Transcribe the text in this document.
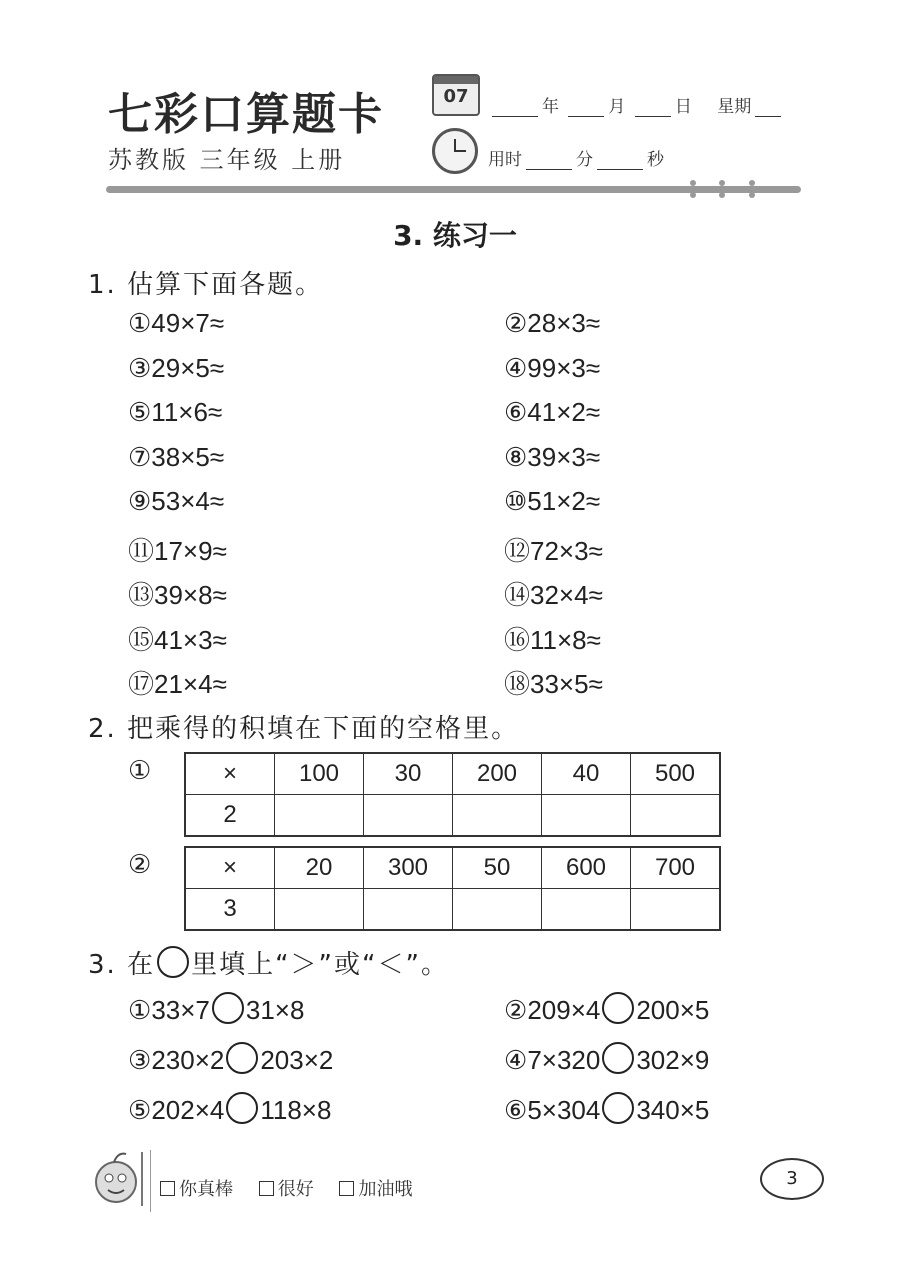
七彩口算题卡
苏教版 三年级 上册
07	年	月	日 星期
用时	分	秒
3. 练习一
1. 估算下面各题。
①49×7≈	②28×3≈
③29×5≈	④99×3≈
⑤11×6≈	⑥41×2≈
⑦38×5≈	⑧39×3≈
⑨53×4≈	⑩51×2≈
⑪17×9≈	⑫72×3≈
⑬39×8≈	⑭32×4≈
⑮41×3≈	⑯11×8≈
⑰21×4≈	⑱33×5≈
2. 把乘得的积填在下面的空格里。
①	×	100	30	200	40	500
2					
②	×	20	300	50	600	700
3					
3. 在 里填上“＞”或“＜”。
①33×7 31×8	②209×4 200×5
③230×2 203×2	④7×320 302×9
⑤202×4 118×8	⑥5×304 340×5
你真棒 很好 加油哦
3
